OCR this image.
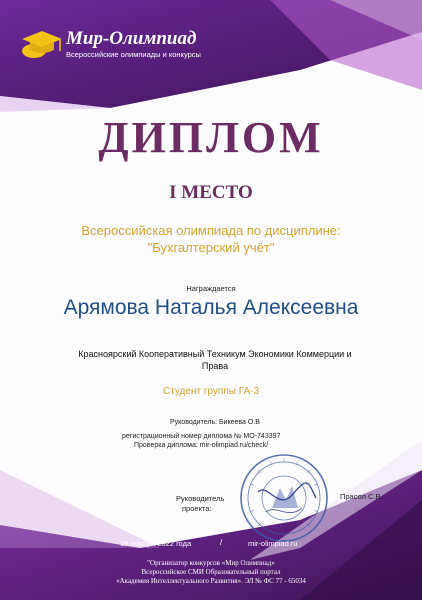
Мир-Олимпиад
Всероссийские олимпиады и конкурсы
ДИПЛОМ
I МЕСТО
Всероссийская олимпиада по дисциплине:
"Бухгалтерский учёт"
Награждается
Арямова Наталья Алексеевна
Красноярский Кооперативный Техникум Экономики Коммерции и
Права
Студент группы ГА-3
Руководитель: Бикеева О.В
регистрационный номер диплома № МО-743397
Проверка диплома: mir-olimpiad.ru/check/
Руководитель
проекта:
Прасол С.В.
18 ноября 2022 года	/	mir-olimpiad.ru
"Организатор конкурсов «Мир Олимпиад»
Всероссийское СМИ Образовательный портал
«Академия Интеллектуального Развития». ЭЛ № ФС 77 - 65034
